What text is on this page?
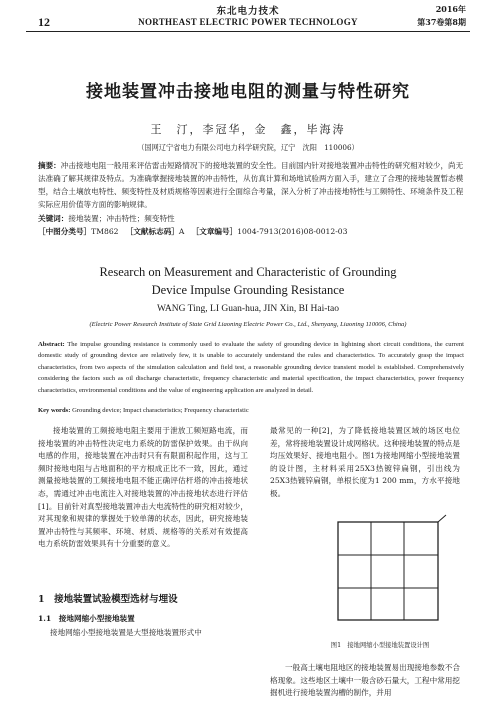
东北电力技术	2016年
12	NORTHEAST ELECTRIC POWER TECHNOLOGY	第37卷第8期
接地装置冲击接地电阻的测量与特性研究
王　汀，李冠华，金　鑫，毕海涛
（国网辽宁省电力有限公司电力科学研究院，辽宁　沈阳　110006）
摘要：冲击接地电阻一般用来评估雷击短路情况下的接地装置的安全性。目前国内针对接地装置冲击特性的研究相对较少，尚无法准确了解其规律及特点。为准确掌握接地装置的冲击特性，从仿真计算和场地试验两方面入手，建立了合理的接地装置暂态模型，结合土壤放电特性、频变特性及材质规格等因素进行全面综合考量，深入分析了冲击接地特性与工频特性、环境条件及工程实际应用价值等方面的影响规律。
关键词：接地装置；冲击特性；频变特性
［中图分类号］TM862 ［文献标志码］A ［文章编号］1004-7913(2016)08-0012-03
Research on Measurement and Characteristic of Grounding
Device Impulse Grounding Resistance
WANG Ting, LI Guan-hua, JIN Xin, BI Hai-tao
(Electric Power Research Institute of State Grid Liaoning Electric Power Co., Ltd., Shenyang, Liaoning 110006, China)
Abstract: The impulse grounding resistance is commonly used to evaluate the safety of grounding device in lightning short circuit conditions, the current domestic study of grounding device are relatively few, it is unable to accurately understand the rules and characteristics. To accurately grasp the impact characteristics, from two aspects of the simulation calculation and field test, a reasonable grounding device transient model is established. Comprehensively considering the factors such as oil discharge characteristic, frequency characteristic and material specification, the impact characteristics, power frequency characteristics, environmental conditions and the value of engineering application are analyzed in detail.
Key words: Grounding device; Impact characteristics; Frequency characteristic
接地装置的工频接地电阻主要用于泄放工频短路电流，而接地装置的冲击特性决定电力系统的防雷保护效果。由于纵向电感的作用，接地装置在冲击时只有有限面积起作用，这与工频时接地电阻与占地面积的平方根成正比不一致，因此，通过测量接地装置的工频接地电阻不能正确评估杆塔的冲击接地状态，需通过冲击电流注入对接地装置的冲击接地状态进行评估[1]。目前针对真型接地装置冲击大电流特性的研究相对较少，对其现象和规律的掌握处于较单薄的状态，因此，研究接地装置冲击特性与其频率、环境、材质、规格等的关系对有效提高电力系统防雷效果具有十分重要的意义。
1　接地装置试验模型选材与埋设
1.1　接地网缩小型接地装置
接地网缩小型接地装置是大型接地装置形式中
最常见的一种[2]，为了降低接地装置区域的场区电位差，常将接地装置设计成网格状。这种接地装置的特点是均压效果好、接地电阻小。图1为接地网缩小型接地装置的设计图，主材料采用25X3热镀锌扁钢，引出线为25X3热镀锌扁钢，单根长度为1 200 mm，方水平接地极。
图1　接地网缩小型接地装置设计图
一般高土壤电阻地区的接地装置易出现接地参数不合格现象。这些地区土壤中一般含砂石量大，工程中常用挖掘机进行接地装置沟槽的制作，并用
